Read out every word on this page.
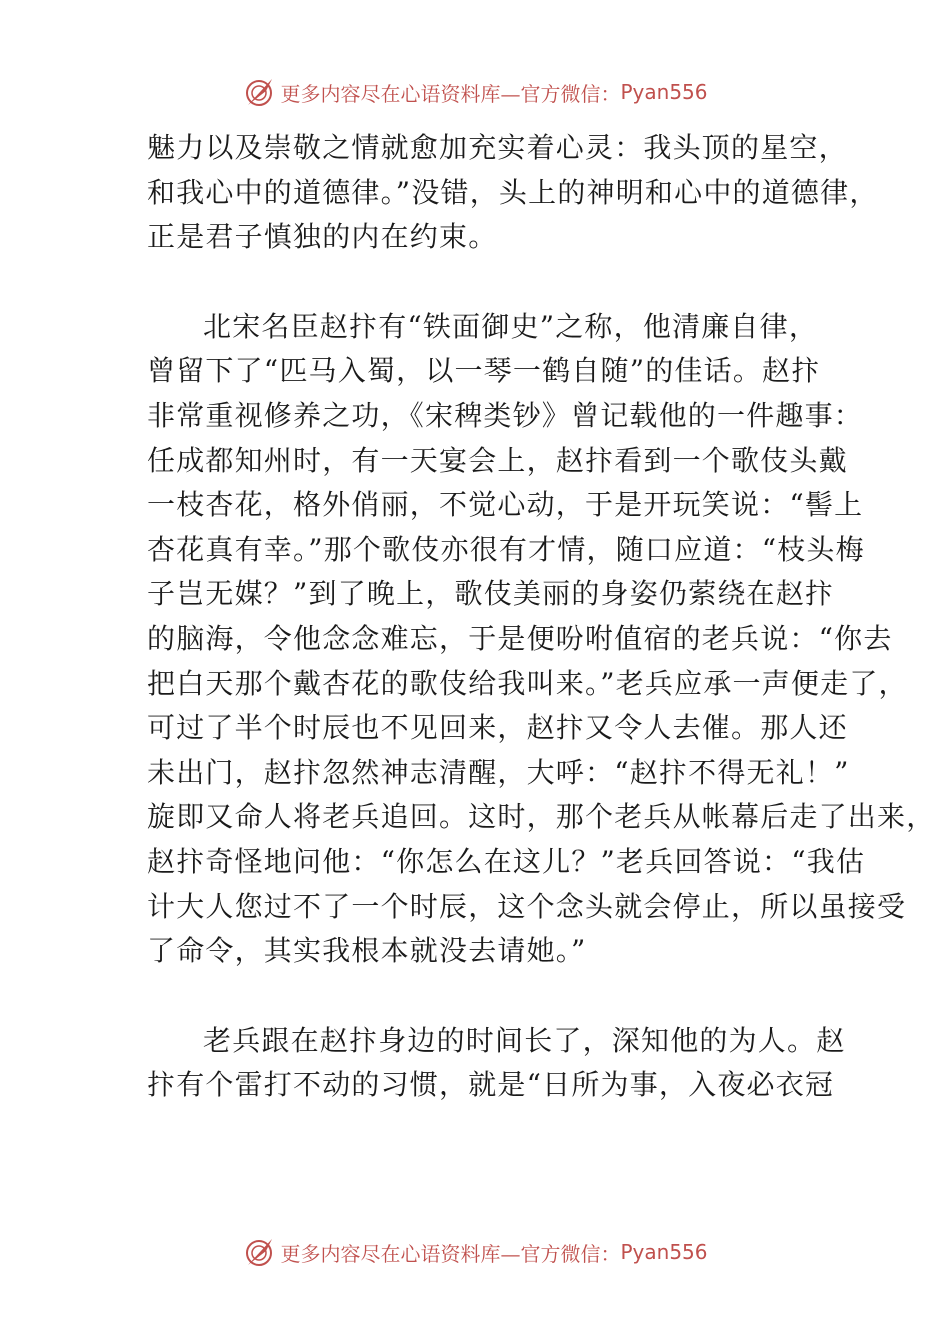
更多内容尽在心语资料库—官方微信： Pyan556
魅力以及崇敬之情就愈加充实着心灵：我头顶的星空，
和我心中的道德律。”没错，头上的神明和心中的道德律，
正是君子慎独的内在约束。
北宋名臣赵抃有“铁面御史”之称，他清廉自律，
曾留下了“匹马入蜀，以一琴一鹤自随”的佳话。赵抃
非常重视修养之功，《宋稗类钞》曾记载他的一件趣事：
任成都知州时，有一天宴会上，赵抃看到一个歌伎头戴
一枝杏花，格外俏丽，不觉心动，于是开玩笑说：“髻上
杏花真有幸。”那个歌伎亦很有才情，随口应道：“枝头梅
子岂无媒？”到了晚上，歌伎美丽的身姿仍萦绕在赵抃
的脑海，令他念念难忘，于是便吩咐值宿的老兵说：“你去
把白天那个戴杏花的歌伎给我叫来。”老兵应承一声便走了，
可过了半个时辰也不见回来，赵抃又令人去催。那人还
未出门，赵抃忽然神志清醒，大呼：“赵抃不得无礼！”
旋即又命人将老兵追回。这时，那个老兵从帐幕后走了出来，
赵抃奇怪地问他：“你怎么在这儿？”老兵回答说：“我估
计大人您过不了一个时辰，这个念头就会停止，所以虽接受
了命令，其实我根本就没去请她。”
老兵跟在赵抃身边的时间长了，深知他的为人。赵
抃有个雷打不动的习惯，就是“日所为事，入夜必衣冠
更多内容尽在心语资料库—官方微信： Pyan556
